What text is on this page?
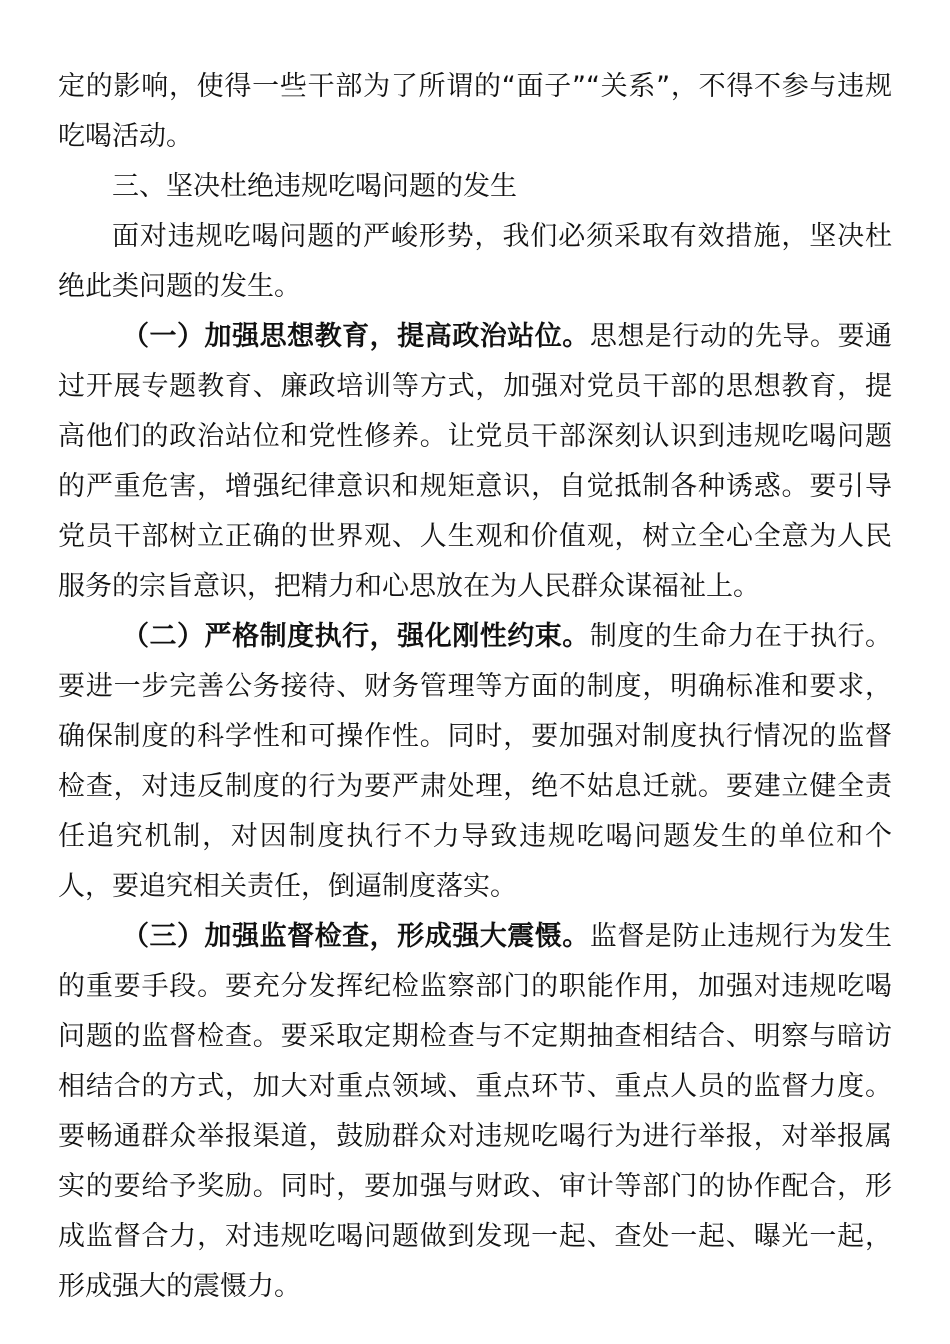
定的影响，使得一些干部为了所谓的“面子”“关系”，不得不参与违规吃喝活动。

三、坚决杜绝违规吃喝问题的发生

面对违规吃喝问题的严峻形势，我们必须采取有效措施，坚决杜绝此类问题的发生。

（一）加强思想教育，提高政治站位。思想是行动的先导。要通过开展专题教育、廉政培训等方式，加强对党员干部的思想教育，提高他们的政治站位和党性修养。让党员干部深刻认识到违规吃喝问题的严重危害，增强纪律意识和规矩意识，自觉抵制各种诱惑。要引导党员干部树立正确的世界观、人生观和价值观，树立全心全意为人民服务的宗旨意识，把精力和心思放在为人民群众谋福祉上。

（二）严格制度执行，强化刚性约束。制度的生命力在于执行。要进一步完善公务接待、财务管理等方面的制度，明确标准和要求，确保制度的科学性和可操作性。同时，要加强对制度执行情况的监督检查，对违反制度的行为要严肃处理，绝不姑息迁就。要建立健全责任追究机制，对因制度执行不力导致违规吃喝问题发生的单位和个人，要追究相关责任，倒逼制度落实。

（三）加强监督检查，形成强大震慑。监督是防止违规行为发生的重要手段。要充分发挥纪检监察部门的职能作用，加强对违规吃喝问题的监督检查。要采取定期检查与不定期抽查相结合、明察与暗访相结合的方式，加大对重点领域、重点环节、重点人员的监督力度。要畅通群众举报渠道，鼓励群众对违规吃喝行为进行举报，对举报属实的要给予奖励。同时，要加强与财政、审计等部门的协作配合，形成监督合力，对违规吃喝问题做到发现一起、查处一起、曝光一起，形成强大的震慑力。
